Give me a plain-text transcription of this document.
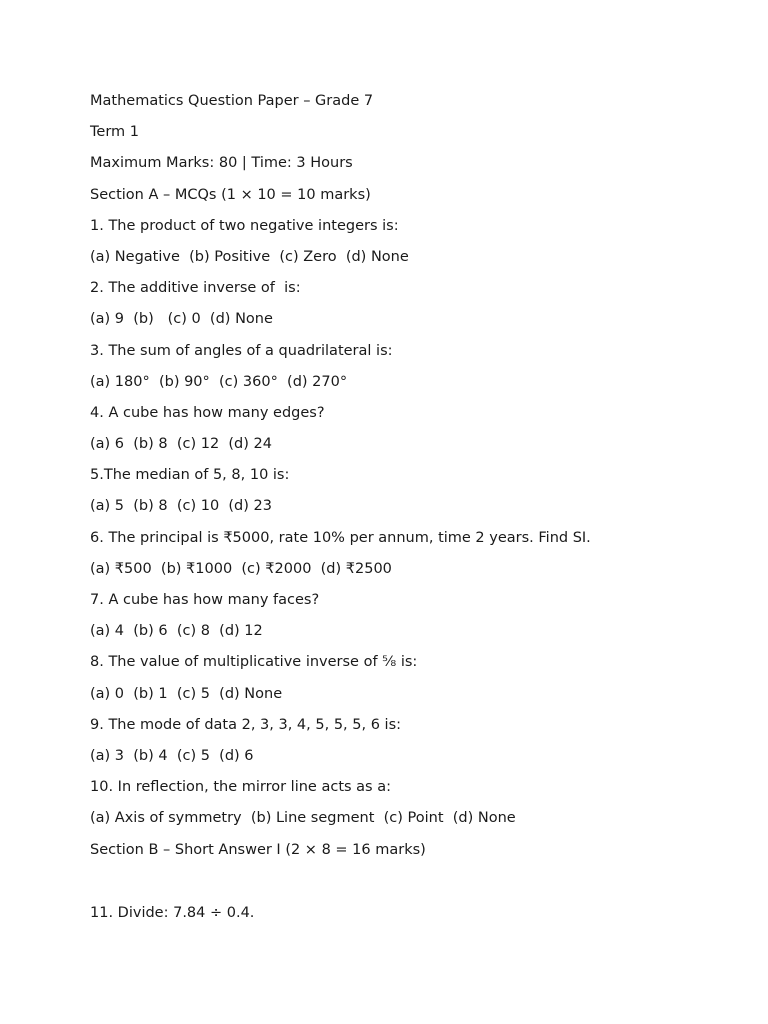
Mathematics Question Paper – Grade 7
Term 1
Maximum Marks: 80 | Time: 3 Hours
Section A – MCQs (1 × 10 = 10 marks)
1. The product of two negative integers is:
(a) Negative  (b) Positive  (c) Zero  (d) None
2. The additive inverse of  is:
(a) 9  (b)   (c) 0  (d) None
3. The sum of angles of a quadrilateral is:
(a) 180°  (b) 90°  (c) 360°  (d) 270°
4. A cube has how many edges?
(a) 6  (b) 8  (c) 12  (d) 24
5.The median of 5, 8, 10 is:
(a) 5  (b) 8  (c) 10  (d) 23
6. The principal is ₹5000, rate 10% per annum, time 2 years. Find SI.
(a) ₹500  (b) ₹1000  (c) ₹2000  (d) ₹2500
7. A cube has how many faces?
(a) 4  (b) 6  (c) 8  (d) 12
8. The value of multiplicative inverse of ⅝ is:
(a) 0  (b) 1  (c) 5  (d) None
9. The mode of data 2, 3, 3, 4, 5, 5, 5, 6 is:
(a) 3  (b) 4  (c) 5  (d) 6
10. In reflection, the mirror line acts as a:
(a) Axis of symmetry  (b) Line segment  (c) Point  (d) None
Section B – Short Answer I (2 × 8 = 16 marks)
11. Divide: 7.84 ÷ 0.4.
